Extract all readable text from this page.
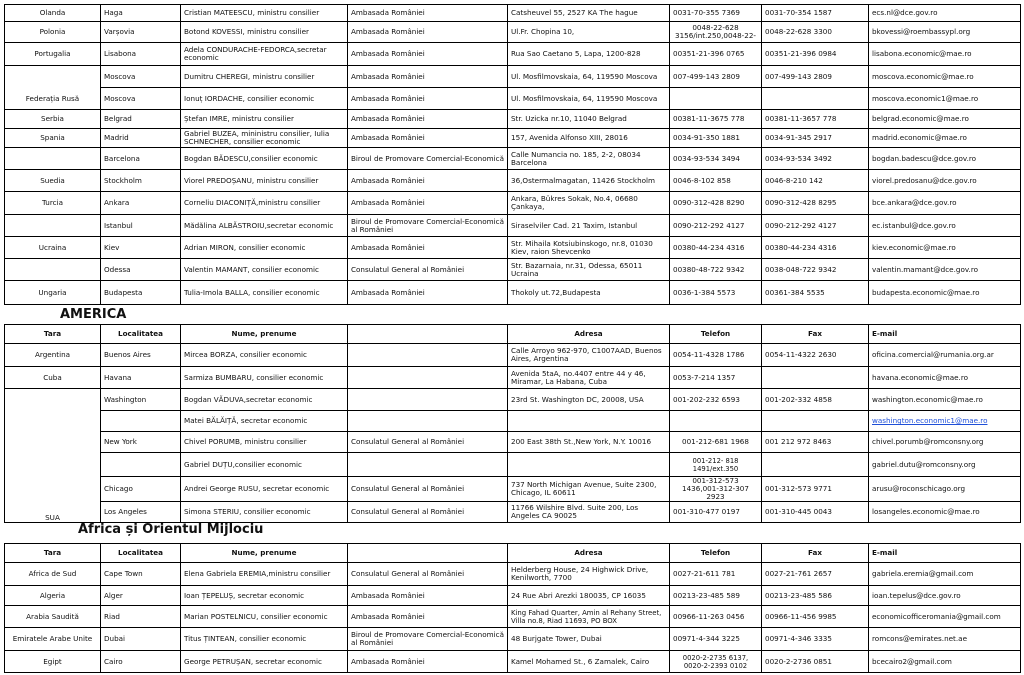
Olanda	Haga	Cristian MATEESCU, ministru consilier	Ambasada României	Catsheuvel 55, 2527 KA The hague	0031-70-355 7369	0031-70-354 1587	ecs.nl@dce.gov.ro
Polonia	Varșovia	Botond KOVESSI, ministru consilier	Ambasada României	Ul.Fr. Chopina 10,	0048-22-628 3156/int.250,0048-22-	0048-22-628 3300	bkovessi@roembassypl.org
Portugalia	Lisabona	Adela CONDURACHE-FEDORCA,secretar economic	Ambasada României	Rua Sao Caetano 5, Lapa, 1200-828	00351-21-396 0765	00351-21-396 0984	lisabona.economic@mae.ro
	Moscova	Dumitru CHEREGI, ministru consilier	Ambasada României	Ul. Mosfilmovskaia, 64, 119590 Moscova	007-499-143 2809	007-499-143 2809	moscova.economic@mae.ro
Federația Rusă	Moscova	Ionuț IORDACHE, consilier economic	Ambasada României	Ul. Mosfilmovskaia, 64, 119590 Moscova			moscova.economic1@mae.ro
Serbia	Belgrad	Ștefan IMRE, ministru consilier	Ambasada României	Str. Uzicka nr.10, 11040 Belgrad	00381-11-3675 778	00381-11-3657 778	belgrad.economic@mae.ro
Spania	Madrid	Gabriel BUZEA, mininistru consilier, Iulia SCHNECHER, consilier economic	Ambasada României	157, Avenida Alfonso XIII, 28016	0034-91-350 1881	0034-91-345 2917	madrid.economic@mae.ro
	Barcelona	Bogdan BĂDESCU,consilier economic	Biroul de Promovare Comercial-Economică	Calle Numancia no. 185, 2-2, 08034 Barcelona	0034-93-534 3494	0034-93-534 3492	bogdan.badescu@dce.gov.ro
Suedia	Stockholm	Viorel PREDOȘANU, ministru consilier	Ambasada României	36,Ostermalmagatan, 11426 Stockholm	0046-8-102 858	0046-8-210 142	viorel.predosanu@dce.gov.ro
Turcia	Ankara	Corneliu DIACONIȚĂ,ministru consilier	Ambasada României	Ankara, Bükres Sokak, No.4, 06680 Çankaya,	0090-312-428 8290	0090-312-428 8295	bce.ankara@dce.gov.ro
	Istanbul	Mădălina ALBĂSTROIU,secretar economic	Biroul de Promovare Comercial-Economică al României	Siraselviler Cad. 21 Taxim, Istanbul	0090-212-292 4127	0090-212-292 4127	ec.istanbul@dce.gov.ro
Ucraina	Kiev	Adrian MIRON, consilier economic	Ambasada României	Str. Mihaila Kotsiubinskogo, nr.8, 01030 Kiev, raion Shevcenko	00380-44-234 4316	00380-44-234 4316	kiev.economic@mae.ro
	Odessa	Valentin MAMANT, consilier economic	Consulatul General al României	Str. Bazarnaia, nr.31, Odessa, 65011 Ucraina	00380-48-722 9342	0038-048-722 9342	valentin.mamant@dce.gov.ro
Ungaria	Budapesta	Tulia-Imola BALLA, consilier economic	Ambasada României	Thokoly ut.72,Budapesta	0036-1-384 5573	00361-384 5535	budapesta.economic@mae.ro
AMERICA
Tara	Localitatea	Nume, prenume		Adresa	Telefon	Fax	E-mail
Argentina	Buenos Aires	Mircea BORZA, consilier economic		Calle Arroyo 962-970, C1007AAD, Buenos Aires, Argentina	0054-11-4328 1786	0054-11-4322 2630	oficina.comercial@rumania.org.ar
Cuba	Havana	Sarmiza BUMBARU, consilier economic		Avenida 5taA, no.4407 entre 44 y 46, Miramar, La Habana, Cuba	0053-7-214 1357		havana.economic@mae.ro
	Washington	Bogdan VĂDUVA,secretar economic		23rd St. Washington DC, 20008, USA	001-202-232 6593	001-202-332 4858	washington.economic@mae.ro
		Matei BĂLĂIȚĂ, secretar economic					washington.economic1@mae.ro
	New York	Chivel PORUMB, ministru consilier	Consulatul General al României	200 East 38th St.,New York, N.Y. 10016	001-212-681 1968	001 212 972 8463	chivel.porumb@romconsny.org
		Gabriel DUȚU,consilier economic			001-212- 818 1491/ext.350		gabriel.dutu@romconsny.org
	Chicago	Andrei George RUSU, secretar economic	Consulatul General al României	737 North Michigan Avenue, Suite 2300, Chicago, IL 60611	001-312-573 1436,001-312-307 2923	001-312-573 9771	arusu@roconschicago.org
SUA	Los Angeles	Simona STERIU, consilier economic	Consulatul General al României	11766 Wilshire Blvd. Suite 200, Los Angeles CA 90025	001-310-477 0197	001-310-445 0043	losangeles.economic@mae.ro
Africa și Orientul Mijlociu
Tara	Localitatea	Nume, prenume		Adresa	Telefon	Fax	E-mail
Africa de Sud	Cape Town	Elena Gabriela EREMIA,ministru consilier	Consulatul General al României	Helderberg House, 24 Highwick Drive, Kenilworth, 7700	0027-21-611 781	0027-21-761 2657	gabriela.eremia@gmail.com
Algeria	Alger	Ioan ȚEPELUȘ, secretar economic	Ambasada României	24 Rue Abri Arezki 180035, CP 16035	00213-23-485 589	00213-23-485 586	ioan.tepelus@dce.gov.ro
Arabia Saudită	Riad	Marian POSTELNICU, consilier economic	Ambasada României	King Fahad Quarter, Amin al Rehany Street, Villa no.8, Riad 11693, PO BOX	00966-11-263 0456	00966-11-456 9985	economicofficeromania@gmail.com
Emiratele Arabe Unite	Dubai	Titus ȚINTEAN, consilier economic	Biroul de Promovare Comercial-Economică al României	48 Burjgate Tower, Dubai	00971-4-344 3225	00971-4-346 3335	romcons@emirates.net.ae
Egipt	Cairo	George PETRUȘAN, secretar economic	Ambasada României	Kamel Mohamed St., 6 Zamalek, Cairo	0020-2-2735 6137, 0020-2-2393 0102	0020-2-2736 0851	bcecairo2@gmail.com
